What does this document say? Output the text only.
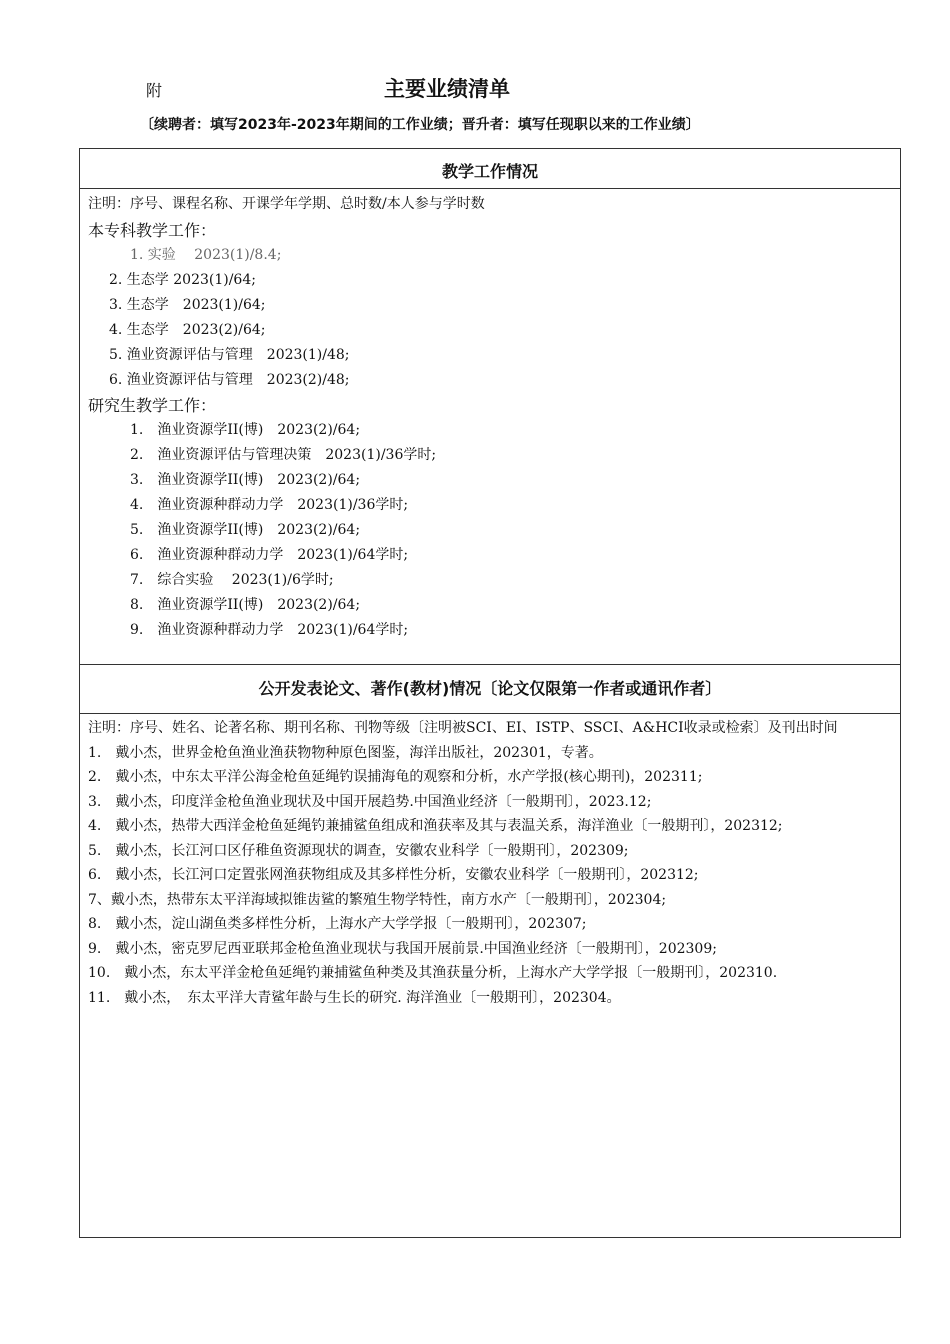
附	主要业绩清单
〔续聘者：填写2023年-2023年期间的工作业绩；晋升者：填写任现职以来的工作业绩〕
教学工作情况
注明：序号、课程名称、开课学年学期、总时数/本人参与学时数
本专科教学工作：
1. 实验　 2023(1)/8.4;
2. 生态学 2023(1)/64;
3. 生态学　2023(1)/64;
4. 生态学　2023(2)/64;
5. 渔业资源评估与管理　2023(1)/48;
6. 渔业资源评估与管理　2023(2)/48;
研究生教学工作：
1.　渔业资源学II(博)　2023(2)/64;
2.　渔业资源评估与管理决策　2023(1)/36学时;
3.　渔业资源学II(博)　2023(2)/64;
4.　渔业资源种群动力学　2023(1)/36学时;
5.　渔业资源学II(博)　2023(2)/64;
6.　渔业资源种群动力学　2023(1)/64学时;
7.　综合实验　 2023(1)/6学时;
8.　渔业资源学II(博)　2023(2)/64;
9.　渔业资源种群动力学　2023(1)/64学时;
公开发表论文、著作(教材)情况〔论文仅限第一作者或通讯作者〕
注明：序号、姓名、论著名称、期刊名称、刊物等级〔注明被SCI、EI、ISTP、SSCI、A&HCI收录或检索〕及刊出时间
1.　戴小杰，世界金枪鱼渔业渔获物物种原色图鉴，海洋出版社，202301，专著。
2.　戴小杰，中东太平洋公海金枪鱼延绳钓误捕海龟的观察和分析，水产学报(核心期刊)，202311;
3.　戴小杰，印度洋金枪鱼渔业现状及中国开展趋势.中国渔业经济〔一般期刊〕，2023.12;
4.　戴小杰，热带大西洋金枪鱼延绳钓兼捕鲨鱼组成和渔获率及其与表温关系，海洋渔业〔一般期刊〕，202312;
5.　戴小杰，长江河口区仔稚鱼资源现状的调查，安徽农业科学〔一般期刊〕，202309;
6.　戴小杰，长江河口定置张网渔获物组成及其多样性分析，安徽农业科学〔一般期刊〕，202312;
7、戴小杰，热带东太平洋海域拟锥齿鲨的繁殖生物学特性，南方水产〔一般期刊〕，202304;
8.　戴小杰，淀山湖鱼类多样性分析，上海水产大学学报〔一般期刊〕，202307;
9.　戴小杰，密克罗尼西亚联邦金枪鱼渔业现状与我国开展前景.中国渔业经济〔一般期刊〕，202309;
10.　戴小杰，东太平洋金枪鱼延绳钓兼捕鲨鱼种类及其渔获量分析，上海水产大学学报〔一般期刊〕，202310.
11.　戴小杰，　东太平洋大青鲨年龄与生长的研究. 海洋渔业〔一般期刊〕，202304。
